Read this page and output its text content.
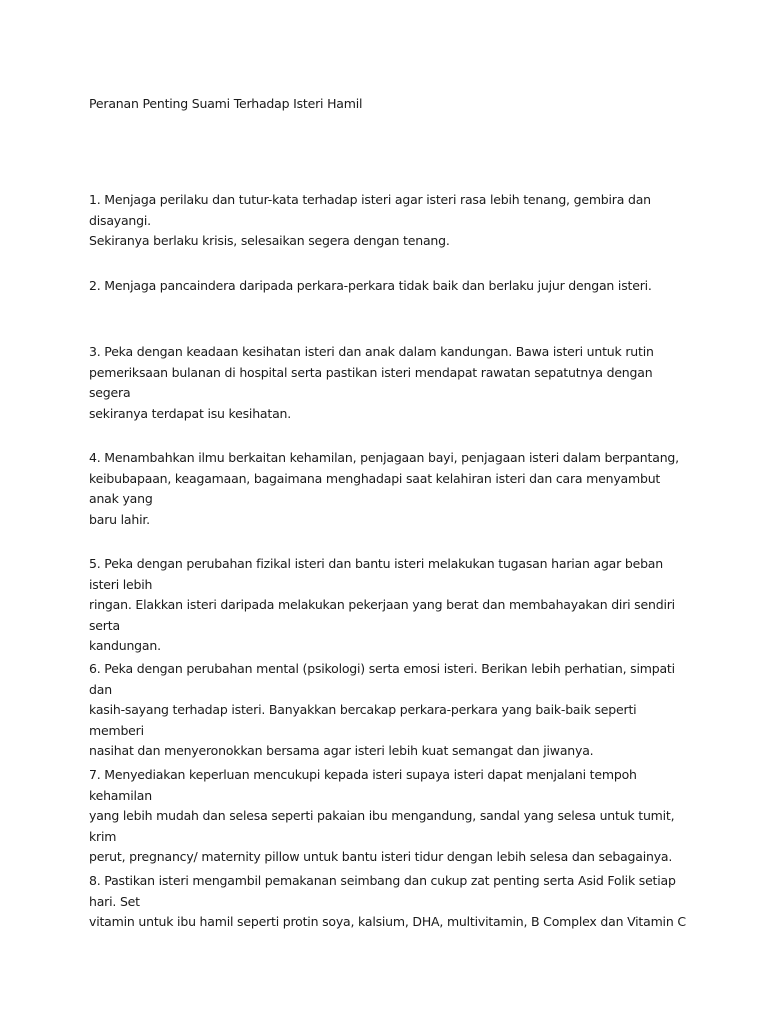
Peranan Penting Suami Terhadap Isteri Hamil

1. Menjaga perilaku dan tutur-kata terhadap isteri agar isteri rasa lebih tenang, gembira dan disayangi.
Sekiranya berlaku krisis, selesaikan segera dengan tenang.

2. Menjaga pancaindera daripada perkara-perkara tidak baik dan berlaku jujur dengan isteri.

3. Peka dengan keadaan kesihatan isteri dan anak dalam kandungan. Bawa isteri untuk rutin
pemeriksaan bulanan di hospital serta pastikan isteri mendapat rawatan sepatutnya dengan segera
sekiranya terdapat isu kesihatan.

4. Menambahkan ilmu berkaitan kehamilan, penjagaan bayi, penjagaan isteri dalam berpantang,
keibubapaan, keagamaan, bagaimana menghadapi saat kelahiran isteri dan cara menyambut anak yang
baru lahir.

5. Peka dengan perubahan fizikal isteri dan bantu isteri melakukan tugasan harian agar beban isteri lebih
ringan. Elakkan isteri daripada melakukan pekerjaan yang berat dan membahayakan diri sendiri serta
kandungan.

6. Peka dengan perubahan mental (psikologi) serta emosi isteri. Berikan lebih perhatian, simpati dan
kasih-sayang terhadap isteri. Banyakkan bercakap perkara-perkara yang baik-baik seperti memberi
nasihat dan menyeronokkan bersama agar isteri lebih kuat semangat dan jiwanya.

7. Menyediakan keperluan mencukupi kepada isteri supaya isteri dapat menjalani tempoh kehamilan
yang lebih mudah dan selesa seperti pakaian ibu mengandung, sandal yang selesa untuk tumit, krim
perut, pregnancy/ maternity pillow untuk bantu isteri tidur dengan lebih selesa dan sebagainya.

8. Pastikan isteri mengambil pemakanan seimbang dan cukup zat penting serta Asid Folik setiap hari. Set
vitamin untuk ibu hamil seperti protin soya, kalsium, DHA, multivitamin, B Complex dan Vitamin C
